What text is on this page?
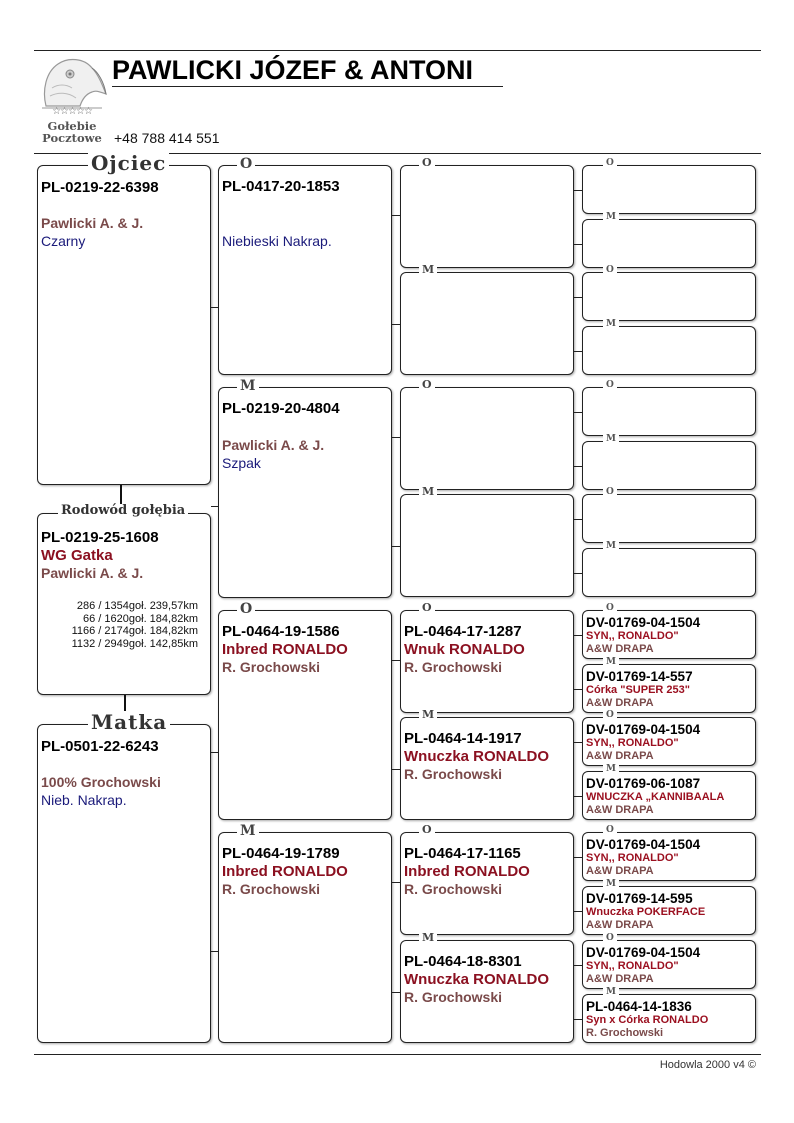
☆☆☆☆☆
Gołebie
Pocztowe
PAWLICKI JÓZEF & ANTONI
+48 788 414 551
Ojciec
PL-0219-22-6398
Pawlicki A. & J.
Czarny
Rodowód gołębia
PL-0219-25-1608
WG Gatka
Pawlicki A. & J.
286 / 1354goł. 239,57km
66 / 1620goł. 184,82km
1166 / 2174goł. 184,82km
1132 / 2949goł. 142,85km
Matka
PL-0501-22-6243
100% Grochowski
Nieb. Nakrap.
O
PL-0417-20-1853
Niebieski Nakrap.
M
PL-0219-20-4804
Pawlicki A. & J.
Szpak
O
PL-0464-19-1586
Inbred RONALDO
R. Grochowski
M
PL-0464-19-1789
Inbred RONALDO
R. Grochowski
O
M
O
M
O
PL-0464-17-1287
Wnuk RONALDO
R. Grochowski
M
PL-0464-14-1917
Wnuczka RONALDO
R. Grochowski
O
PL-0464-17-1165
Inbred RONALDO
R. Grochowski
M
PL-0464-18-8301
Wnuczka RONALDO
R. Grochowski
O
M
O
M
O
M
O
M
O
DV-01769-04-1504
SYN,, RONALDO"
A&W DRAPA
M
DV-01769-14-557
Córka "SUPER 253"
A&W DRAPA
O
DV-01769-04-1504
SYN,, RONALDO"
A&W DRAPA
M
DV-01769-06-1087
WNUCZKA „KANNIBAALA
A&W DRAPA
O
DV-01769-04-1504
SYN,, RONALDO"
A&W DRAPA
M
DV-01769-14-595
Wnuczka POKERFACE
A&W DRAPA
O
DV-01769-04-1504
SYN,, RONALDO"
A&W DRAPA
M
PL-0464-14-1836
Syn x Córka RONALDO
R. Grochowski
Hodowla 2000 v4 ©
